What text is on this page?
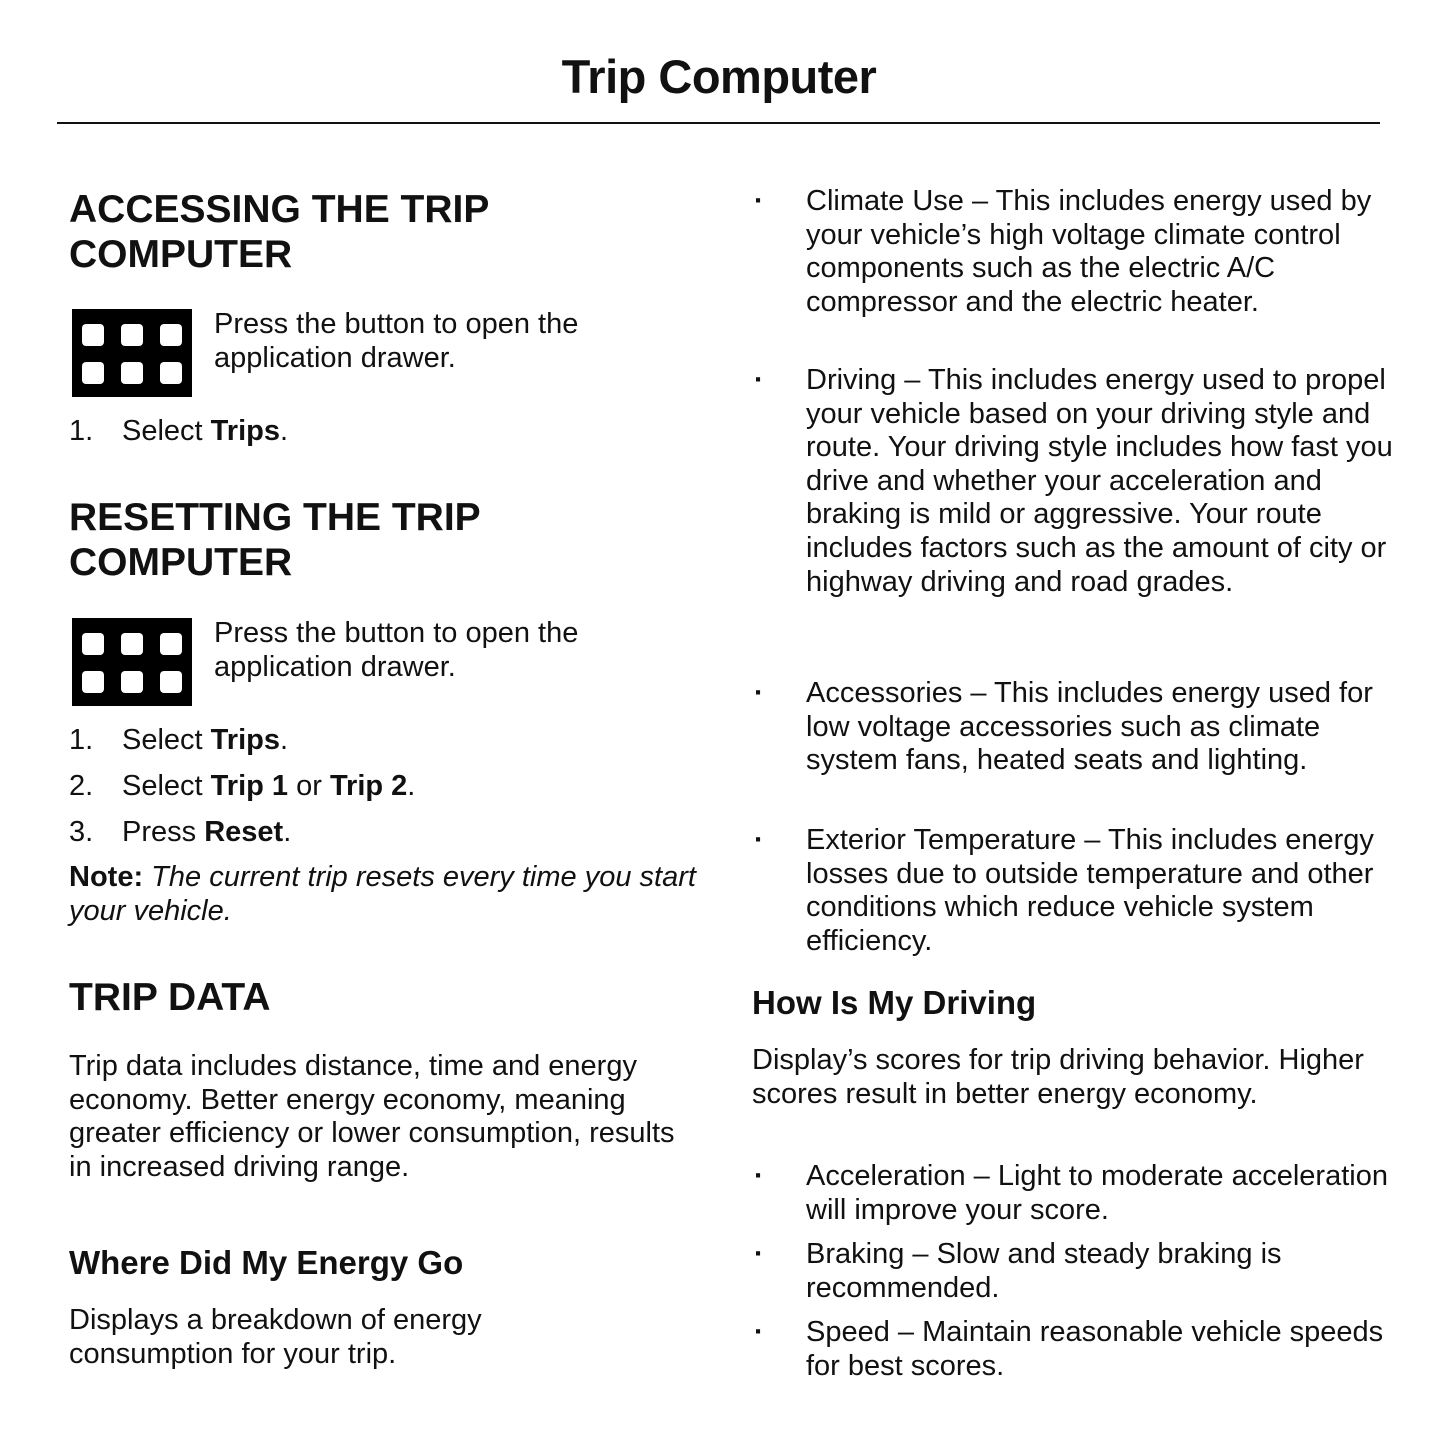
Trip Computer
ACCESSING THE TRIP
COMPUTER

Press the button to open the application drawer.

1. Select Trips.
RESETTING THE TRIP
COMPUTER

Press the button to open the application drawer.

1. Select Trips.
2. Select Trip 1 or Trip 2.
3. Press Reset.

Note: The current trip resets every time you start your vehicle.

TRIP DATA

Trip data includes distance, time and energy economy. Better energy economy, meaning greater efficiency or lower consumption, results in increased driving range.

Where Did My Energy Go

Displays a breakdown of energy consumption for your trip.

· Climate Use – This includes energy used by your vehicle’s high voltage climate control components such as the electric A/C compressor and the electric heater.

· Driving – This includes energy used to propel your vehicle based on your driving style and route. Your driving style includes how fast you drive and whether your acceleration and braking is mild or aggressive. Your route includes factors such as the amount of city or highway driving and road grades.

· Accessories – This includes energy used for low voltage accessories such as climate system fans, heated seats and lighting.

· Exterior Temperature – This includes energy losses due to outside temperature and other conditions which reduce vehicle system efficiency.

How Is My Driving

Display’s scores for trip driving behavior. Higher scores result in better energy economy.

· Acceleration – Light to moderate acceleration will improve your score.

· Braking – Slow and steady braking is recommended.

· Speed – Maintain reasonable vehicle speeds for best scores.
